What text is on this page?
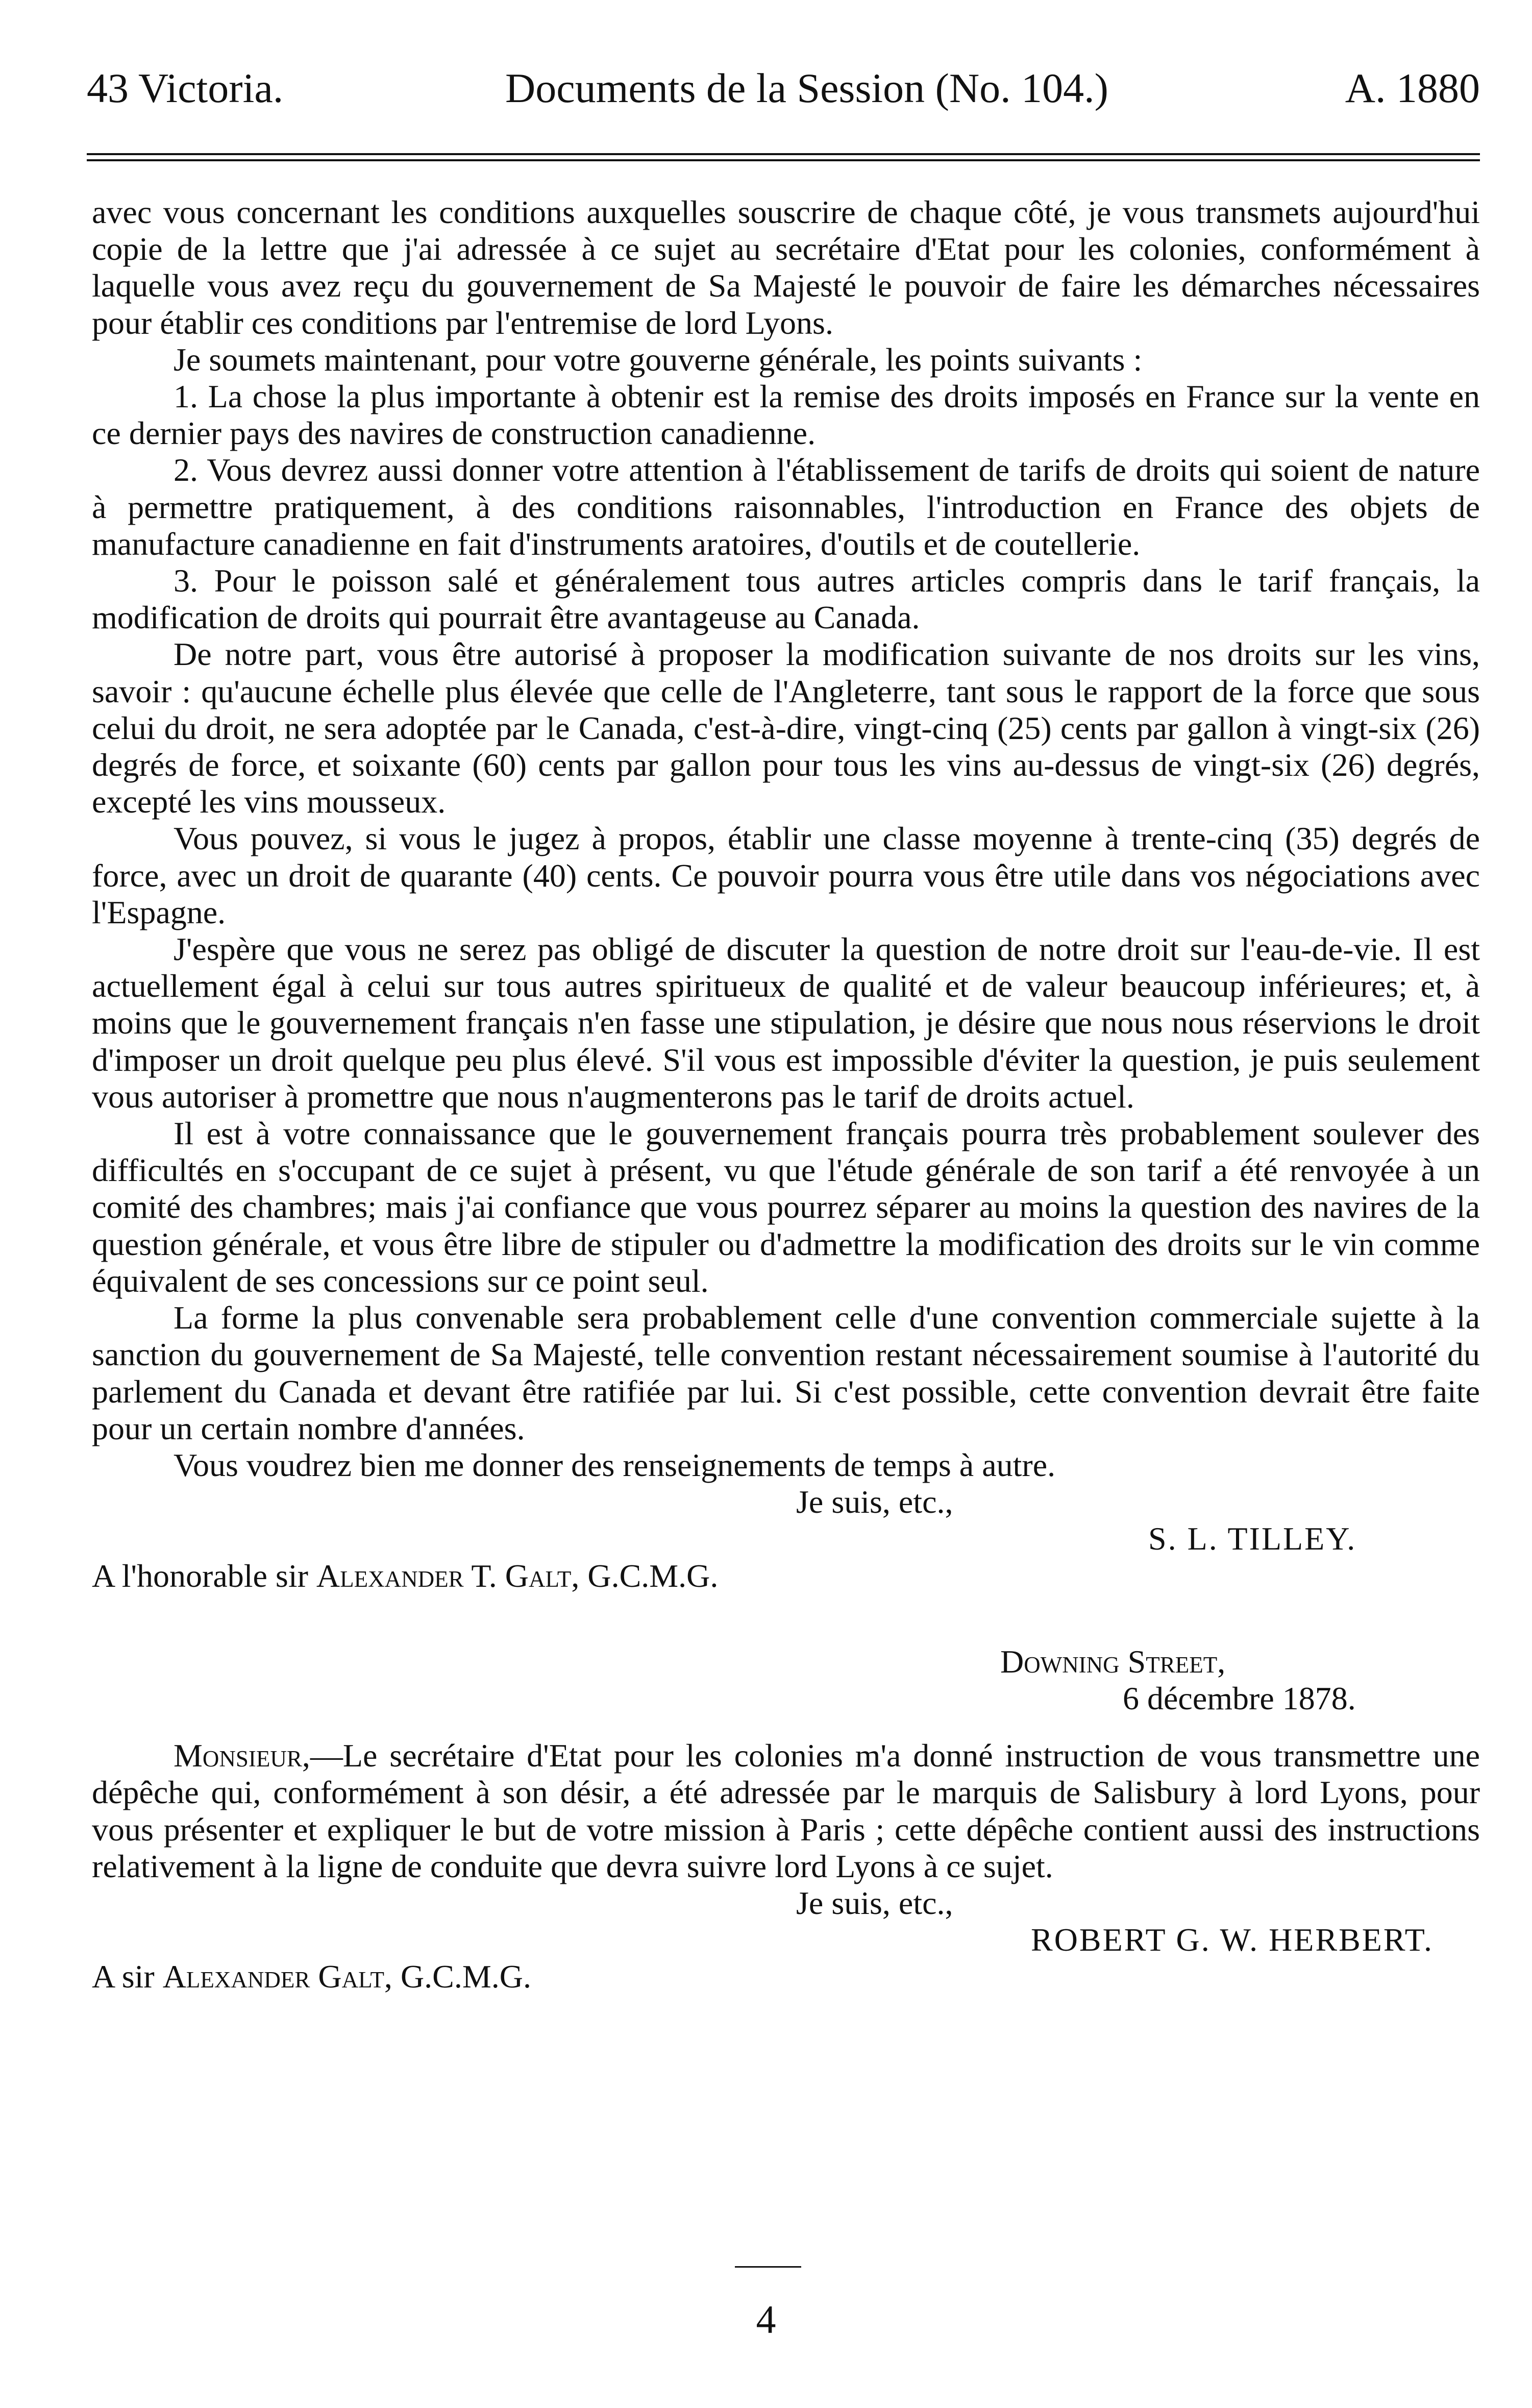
43 Victoria.	Documents de la Session (No. 104.)	A. 1880

avec vous concernant les conditions auxquelles souscrire de chaque côté, je vous transmets aujourd'hui copie de la lettre que j'ai adressée à ce sujet au secrétaire d'Etat pour les colonies, conformément à laquelle vous avez reçu du gouvernement de Sa Majesté le pouvoir de faire les démarches nécessaires pour établir ces conditions par l'entremise de lord Lyons.

Je soumets maintenant, pour votre gouverne générale, les points suivants :

1. La chose la plus importante à obtenir est la remise des droits imposés en France sur la vente en ce dernier pays des navires de construction canadienne.

2. Vous devrez aussi donner votre attention à l'établissement de tarifs de droits qui soient de nature à permettre pratiquement, à des conditions raisonnables, l'introduction en France des objets de manufacture canadienne en fait d'instruments aratoires, d'outils et de coutellerie.

3. Pour le poisson salé et généralement tous autres articles compris dans le tarif français, la modification de droits qui pourrait être avantageuse au Canada.

De notre part, vous être autorisé à proposer la modification suivante de nos droits sur les vins, savoir : qu'aucune échelle plus élevée que celle de l'Angleterre, tant sous le rapport de la force que sous celui du droit, ne sera adoptée par le Canada, c'est-à-dire, vingt-cinq (25) cents par gallon à vingt-six (26) degrés de force, et soixante (60) cents par gallon pour tous les vins au-dessus de vingt-six (26) degrés, excepté les vins mousseux.

Vous pouvez, si vous le jugez à propos, établir une classe moyenne à trente-cinq (35) degrés de force, avec un droit de quarante (40) cents. Ce pouvoir pourra vous être utile dans vos négociations avec l'Espagne.

J'espère que vous ne serez pas obligé de discuter la question de notre droit sur l'eau-de-vie. Il est actuellement égal à celui sur tous autres spiritueux de qualité et de valeur beaucoup inférieures; et, à moins que le gouvernement français n'en fasse une stipulation, je désire que nous nous réservions le droit d'imposer un droit quelque peu plus élevé. S'il vous est impossible d'éviter la question, je puis seulement vous autoriser à promettre que nous n'augmenterons pas le tarif de droits actuel.

Il est à votre connaissance que le gouvernement français pourra très probablement soulever des difficultés en s'occupant de ce sujet à présent, vu que l'étude générale de son tarif a été renvoyée à un comité des chambres; mais j'ai confiance que vous pourrez séparer au moins la question des navires de la question générale, et vous être libre de stipuler ou d'admettre la modification des droits sur le vin comme équivalent de ses concessions sur ce point seul.

La forme la plus convenable sera probablement celle d'une convention commerciale sujette à la sanction du gouvernement de Sa Majesté, telle convention restant nécessairement soumise à l'autorité du parlement du Canada et devant être ratifiée par lui. Si c'est possible, cette convention devrait être faite pour un certain nombre d'années.

Vous voudrez bien me donner des renseignements de temps à autre.

Je suis, etc.,

S. L. TILLEY.

A l'honorable sir Alexander T. Galt, G.C.M.G.

Downing Street,

6 décembre 1878.

Monsieur,—Le secrétaire d'Etat pour les colonies m'a donné instruction de vous transmettre une dépêche qui, conformément à son désir, a été adressée par le marquis de Salisbury à lord Lyons, pour vous présenter et expliquer le but de votre mission à Paris ; cette dépêche contient aussi des instructions relativement à la ligne de conduite que devra suivre lord Lyons à ce sujet.

Je suis, etc.,

ROBERT G. W. HERBERT.

A sir Alexander Galt, G.C.M.G.

4
